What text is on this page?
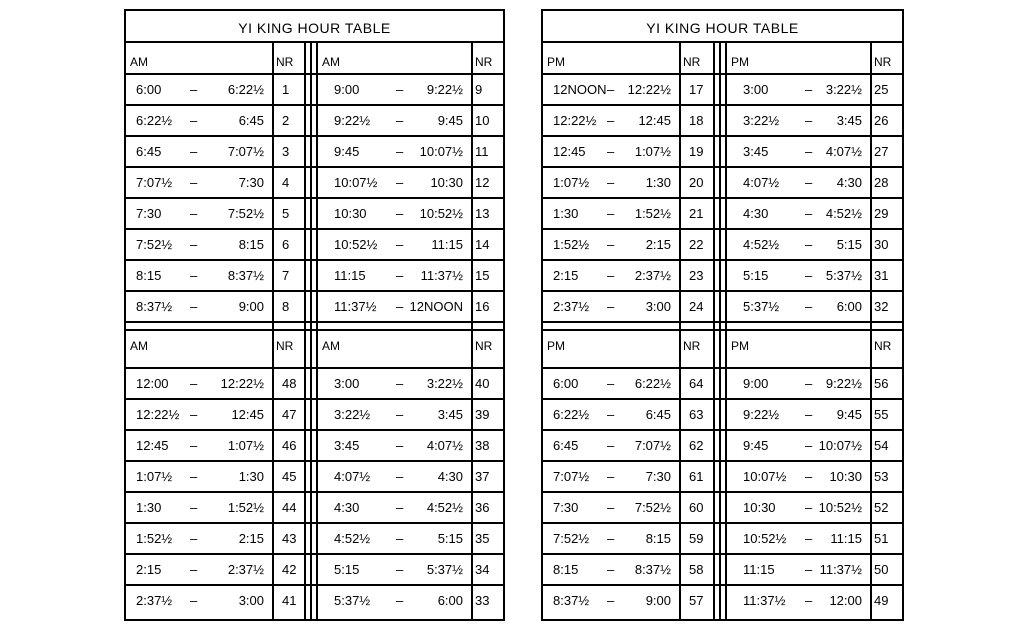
YI KING HOUR TABLE
AM	NR AM	NR
6:00 – 6:22½ 1	9:00	– 9:22½ 9
6:22½ –	6:45 2	9:22½ –	9:45 10
6:45 – 7:07½ 3	9:45	– 10:07½ 11
7:07½ –	7:30 4	10:07½ – 10:30 12
7:30 – 7:52½ 5	10:30 – 10:52½ 13
7:52½ –	8:15 6	10:52½ – 11:15 14
8:15 – 8:37½ 7	11:15 – 11:37½ 15
8:37½ –	9:00 8	11:37½ – 12NOON 16
AM	NR AM	NR
12:00 – 12:22½ 48	3:00	– 3:22½ 40
12:22½ –	12:45 47	3:22½ –	3:45 39
12:45 – 1:07½ 46	3:45	– 4:07½ 38
1:07½ –	1:30 45	4:07½ –	4:30 37
1:30 – 1:52½ 44	4:30	– 4:52½ 36
1:52½ –	2:15 43	4:52½ –	5:15 35
2:15 – 2:37½ 42	5:15	– 5:37½ 34
2:37½ –	3:00 41	5:37½ –	6:00 33
YI KING HOUR TABLE
PM	NR	PM	NR
12NOON – 12:22½ 17	3:00	– 3:22½ 25
12:22½ – 12:45 18	3:22½ – 3:45 26
12:45 – 1:07½ 19	3:45	– 4:07½ 27
1:07½ – 1:30 20	4:07½ – 4:30 28
1:30 – 1:52½ 21	4:30	– 4:52½ 29
1:52½ – 2:15 22	4:52½ – 5:15 30
2:15 – 2:37½ 23	5:15	– 5:37½ 31
2:37½ – 3:00 24	5:37½ – 6:00 32
PM	NR	PM	NR
6:00 – 6:22½ 64	9:00	– 9:22½ 56
6:22½ – 6:45 63	9:22½ – 9:45 55
6:45 – 7:07½ 62	9:45	– 10:07½ 54
7:07½ – 7:30 61	10:07½ – 10:30 53
7:30 – 7:52½ 60	10:30 – 10:52½ 52
7:52½ – 8:15 59	10:52½ – 11:15 51
8:15 – 8:37½ 58	11:15 – 11:37½ 50
8:37½ – 9:00 57	11:37½ – 12:00 49
